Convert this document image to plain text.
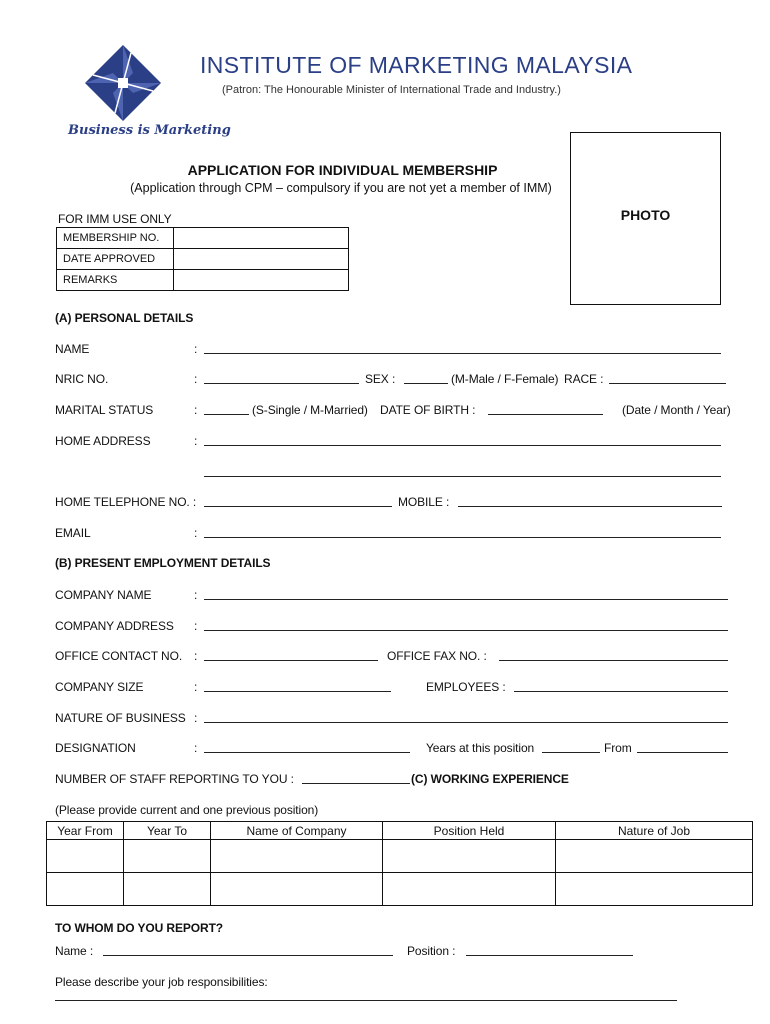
INSTITUTE OF MARKETING MALAYSIA
(Patron: The Honourable Minister of International Trade and Industry.)
Business is Marketing
APPLICATION FOR INDIVIDUAL MEMBERSHIP
(Application through CPM – compulsory if you are not yet a member of IMM)
PHOTO
FOR IMM USE ONLY
MEMBERSHIP NO.	
DATE APPROVED	
REMARKS	
(A) PERSONAL DETAILS
NAME	:
NRIC NO.	:	SEX :	(M-Male / F-Female) RACE :
MARITAL STATUS	:	(S-Single / M-Married) DATE OF BIRTH :	(Date / Month / Year)
HOME ADDRESS	:
HOME TELEPHONE NO. :	MOBILE :
EMAIL	:
(B) PRESENT EMPLOYMENT DETAILS
COMPANY NAME	:
COMPANY ADDRESS :
OFFICE CONTACT NO. :	OFFICE FAX NO. :
COMPANY SIZE	:	EMPLOYEES :
NATURE OF BUSINESS :
DESIGNATION	:	Years at this position	From
NUMBER OF STAFF REPORTING TO YOU :	(C) WORKING EXPERIENCE
(Please provide current and one previous position)
Year From	Year To	Name of Company	Position Held	Nature of Job

TO WHOM DO YOU REPORT?
Name :	Position :
Please describe your job responsibilities:
